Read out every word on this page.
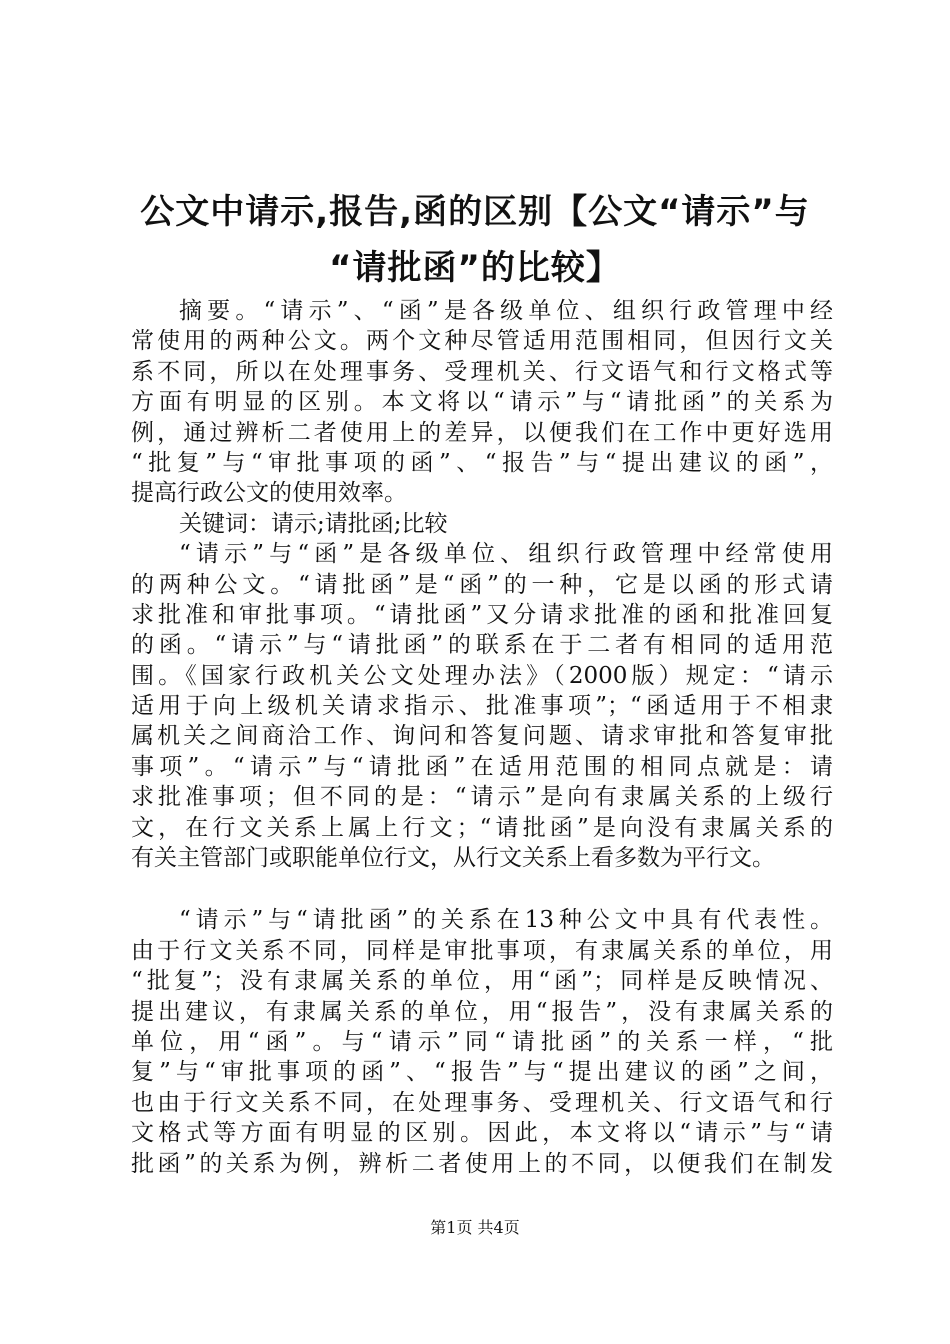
公文中请示,报告,函的区别【公文“请示”与
“请批函”的比较】
摘要。“请示”、“函”是各级单位、组织行政管理中经
常使用的两种公文。两个文种尽管适用范围相同，但因行文关
系不同，所以在处理事务、受理机关、行文语气和行文格式等
方面有明显的区别。本文将以“请示”与“请批函”的关系为
例，通过辨析二者使用上的差异，以便我们在工作中更好选用
“批复”与“审批事项的函”、“报告”与“提出建议的函”，
提高行政公文的使用效率。
关键词：请示;请批函;比较
“请示”与“函”是各级单位、组织行政管理中经常使用
的两种公文。“请批函”是“函”的一种，它是以函的形式请
求批准和审批事项。“请批函”又分请求批准的函和批准回复
的函。“请示”与“请批函”的联系在于二者有相同的适用范
围。《国家行政机关公文处理办法》（2000版）规定：“请示
适用于向上级机关请求指示、批准事项”；“函适用于不相隶
属机关之间商洽工作、询问和答复问题、请求审批和答复审批
事项”。“请示”与“请批函”在适用范围的相同点就是：请
求批准事项；但不同的是：“请示”是向有隶属关系的上级行
文，在行文关系上属上行文；“请批函”是向没有隶属关系的
有关主管部门或职能单位行文，从行文关系上看多数为平行文。
“请示”与“请批函”的关系在13种公文中具有代表性。
由于行文关系不同，同样是审批事项，有隶属关系的单位，用
“批复”；没有隶属关系的单位，用“函”；同样是反映情况、
提出建议，有隶属关系的单位，用“报告”，没有隶属关系的
单位，用“函”。与“请示”同“请批函”的关系一样，“批
复”与“审批事项的函”、“报告”与“提出建议的函”之间，
也由于行文关系不同，在处理事务、受理机关、行文语气和行
文格式等方面有明显的区别。因此，本文将以“请示”与“请
批函”的关系为例，辨析二者使用上的不同，以便我们在制发
第1页 共4页
